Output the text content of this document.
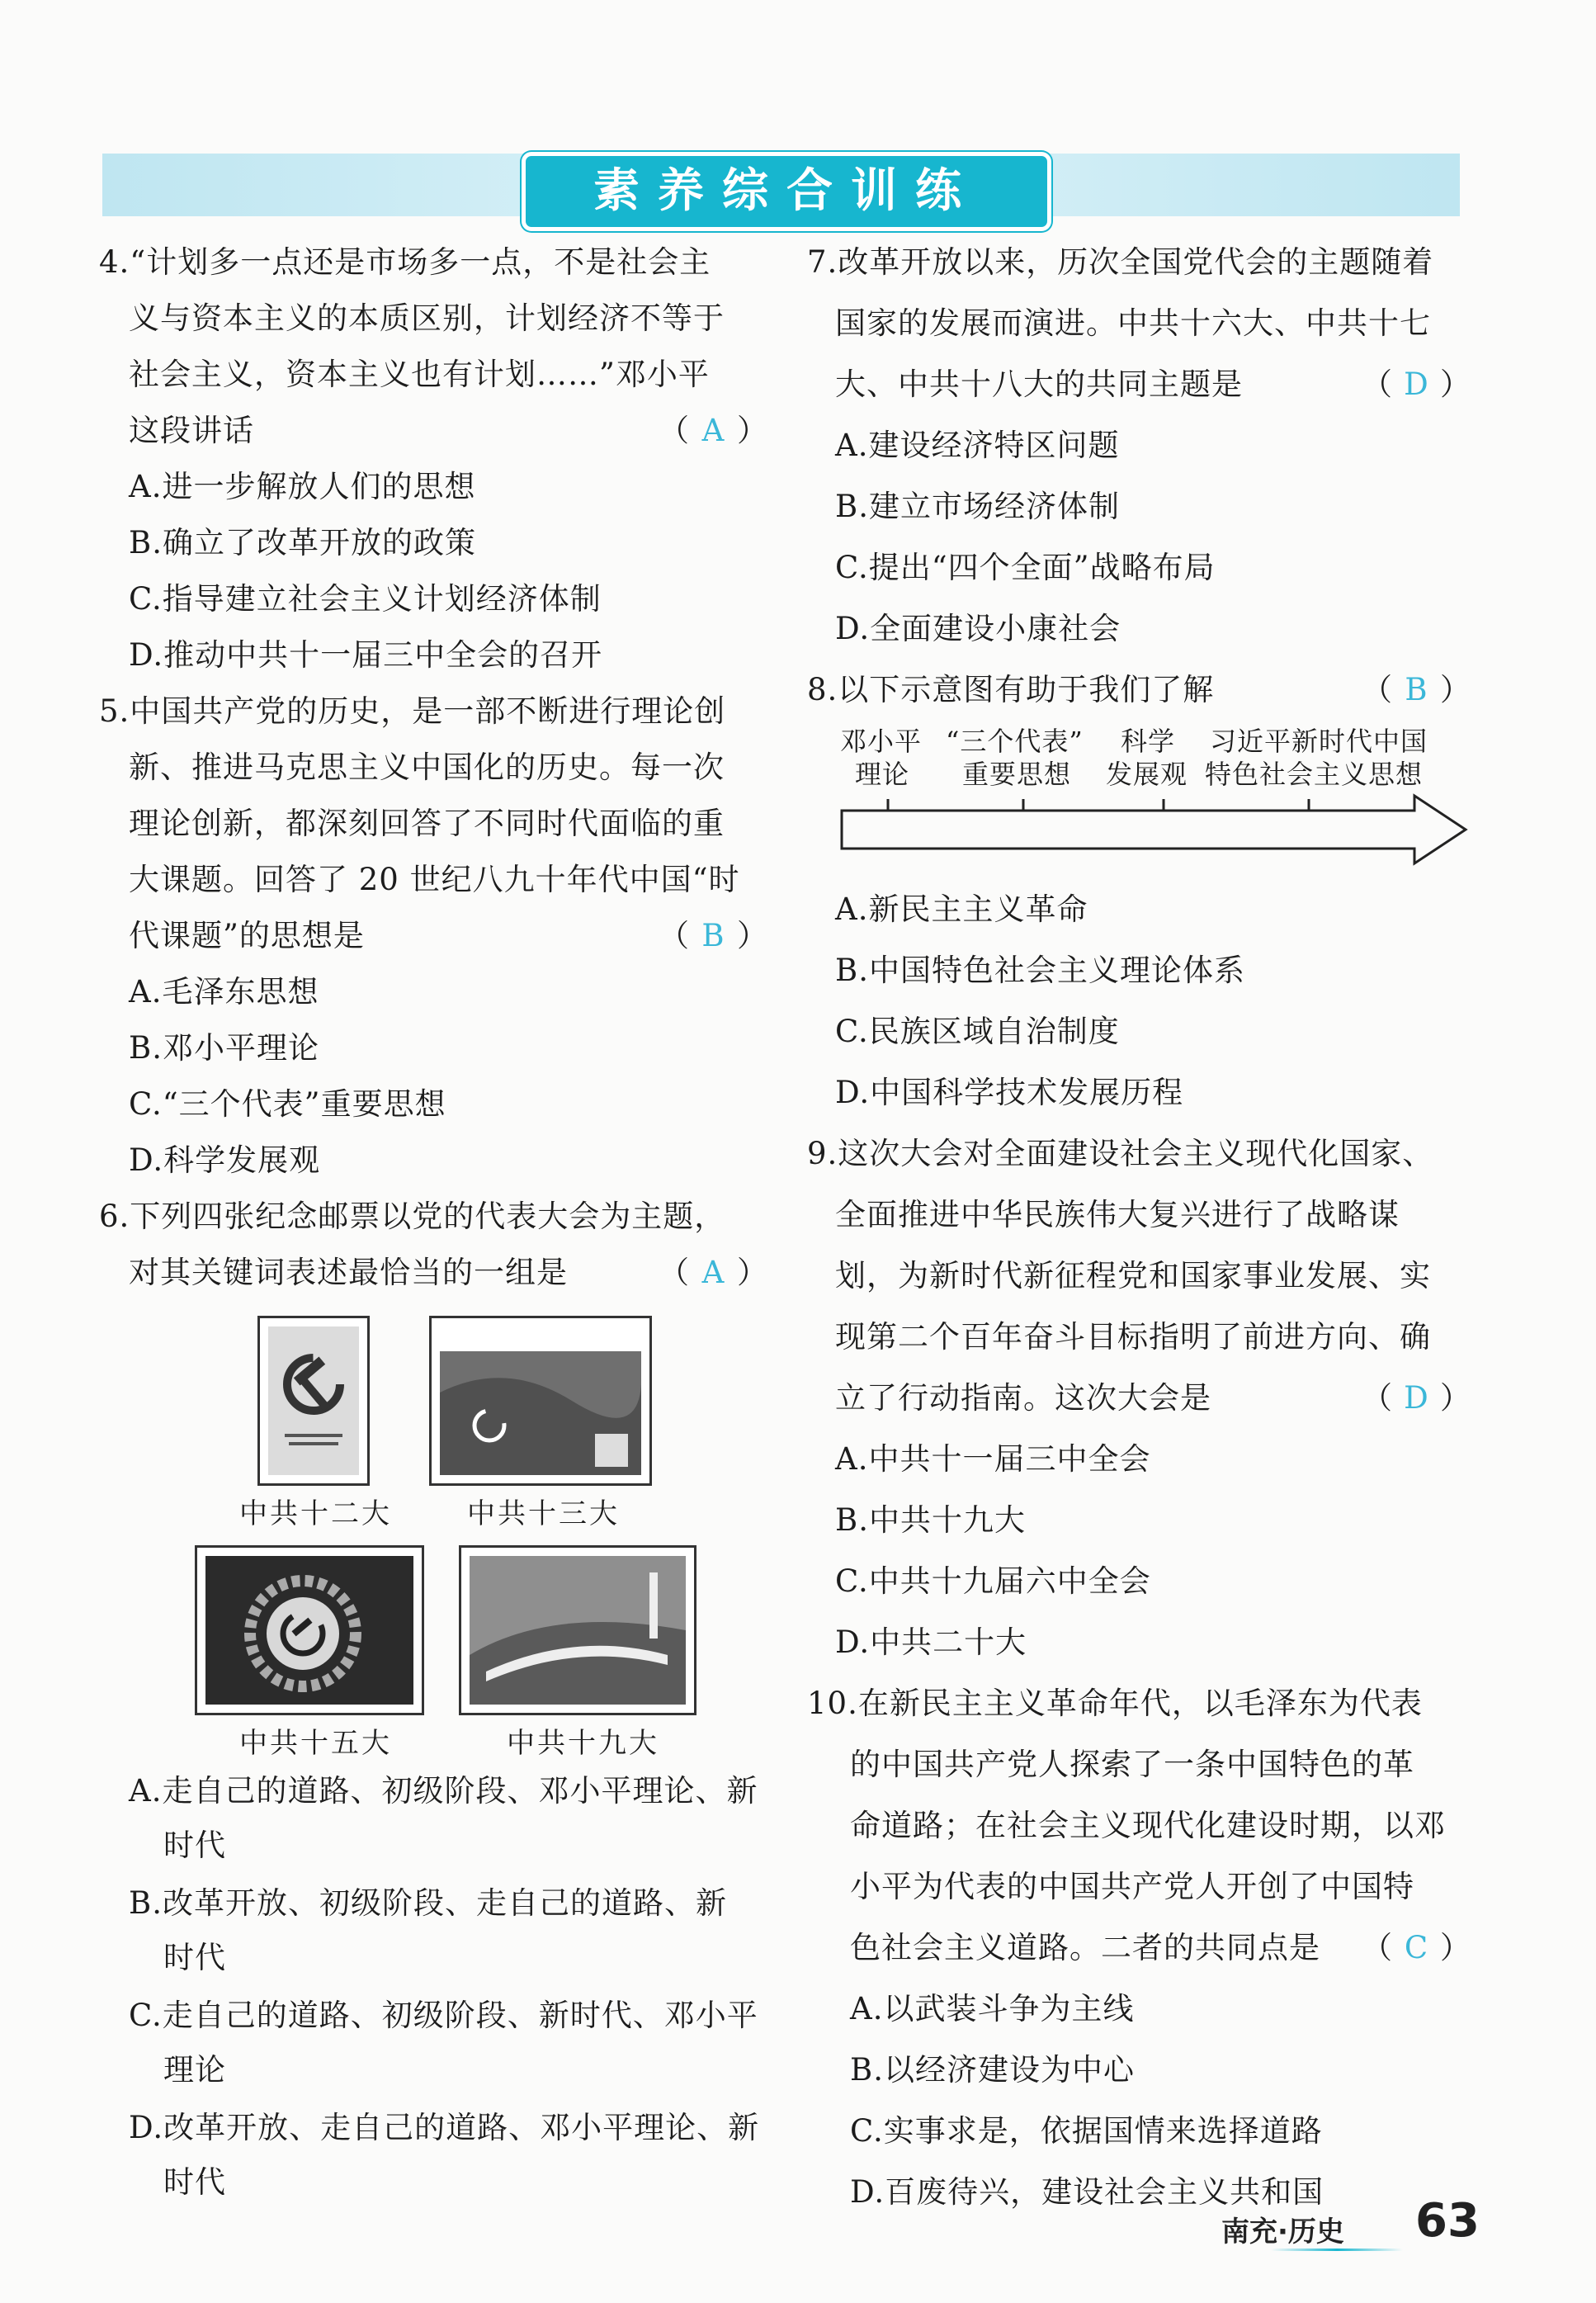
素养综合训练
4.“计划多一点还是市场多一点，不是社会主
义与资本主义的本质区别，计划经济不等于
社会主义，资本主义也有计划……”邓小平
这段讲话	（ A ）
A.进一步解放人们的思想
B.确立了改革开放的政策
C.指导建立社会主义计划经济体制
D.推动中共十一届三中全会的召开
5.中国共产党的历史，是一部不断进行理论创
新、推进马克思主义中国化的历史。每一次
理论创新，都深刻回答了不同时代面临的重
大课题。回答了 20 世纪八九十年代中国“时
代课题”的思想是	（ B ）
A.毛泽东思想
B.邓小平理论
C.“三个代表”重要思想
D.科学发展观
6.下列四张纪念邮票以党的代表大会为主题，
对其关键词表述最恰当的一组是	（ A ）
中共十二大	中共十三大
中共十五大	中共十九大
A.走自己的道路、初级阶段、邓小平理论、新
时代
B.改革开放、初级阶段、走自己的道路、新
时代
C.走自己的道路、初级阶段、新时代、邓小平
理论
D.改革开放、走自己的道路、邓小平理论、新
时代
7.改革开放以来，历次全国党代会的主题随着
国家的发展而演进。中共十六大、中共十七
大、中共十八大的共同主题是	（ D ）
A.建设经济特区问题
B.建立市场经济体制
C.提出“四个全面”战略布局
D.全面建设小康社会
8.以下示意图有助于我们了解	（ B ）
邓小平
理论
“三个代表”
重要思想
科学
发展观
习近平新时代中国
特色社会主义思想
A.新民主主义革命
B.中国特色社会主义理论体系
C.民族区域自治制度
D.中国科学技术发展历程
9.这次大会对全面建设社会主义现代化国家、
全面推进中华民族伟大复兴进行了战略谋
划，为新时代新征程党和国家事业发展、实
现第二个百年奋斗目标指明了前进方向、确
立了行动指南。这次大会是	（ D ）
A.中共十一届三中全会
B.中共十九大
C.中共十九届六中全会
D.中共二十大
10.在新民主主义革命年代，以毛泽东为代表
的中国共产党人探索了一条中国特色的革
命道路；在社会主义现代化建设时期，以邓
小平为代表的中国共产党人开创了中国特
色社会主义道路。二者的共同点是 （ C ）
A.以武装斗争为主线
B.以经济建设为中心
C.实事求是，依据国情来选择道路
D.百废待兴，建设社会主义共和国
南充·历史 63
